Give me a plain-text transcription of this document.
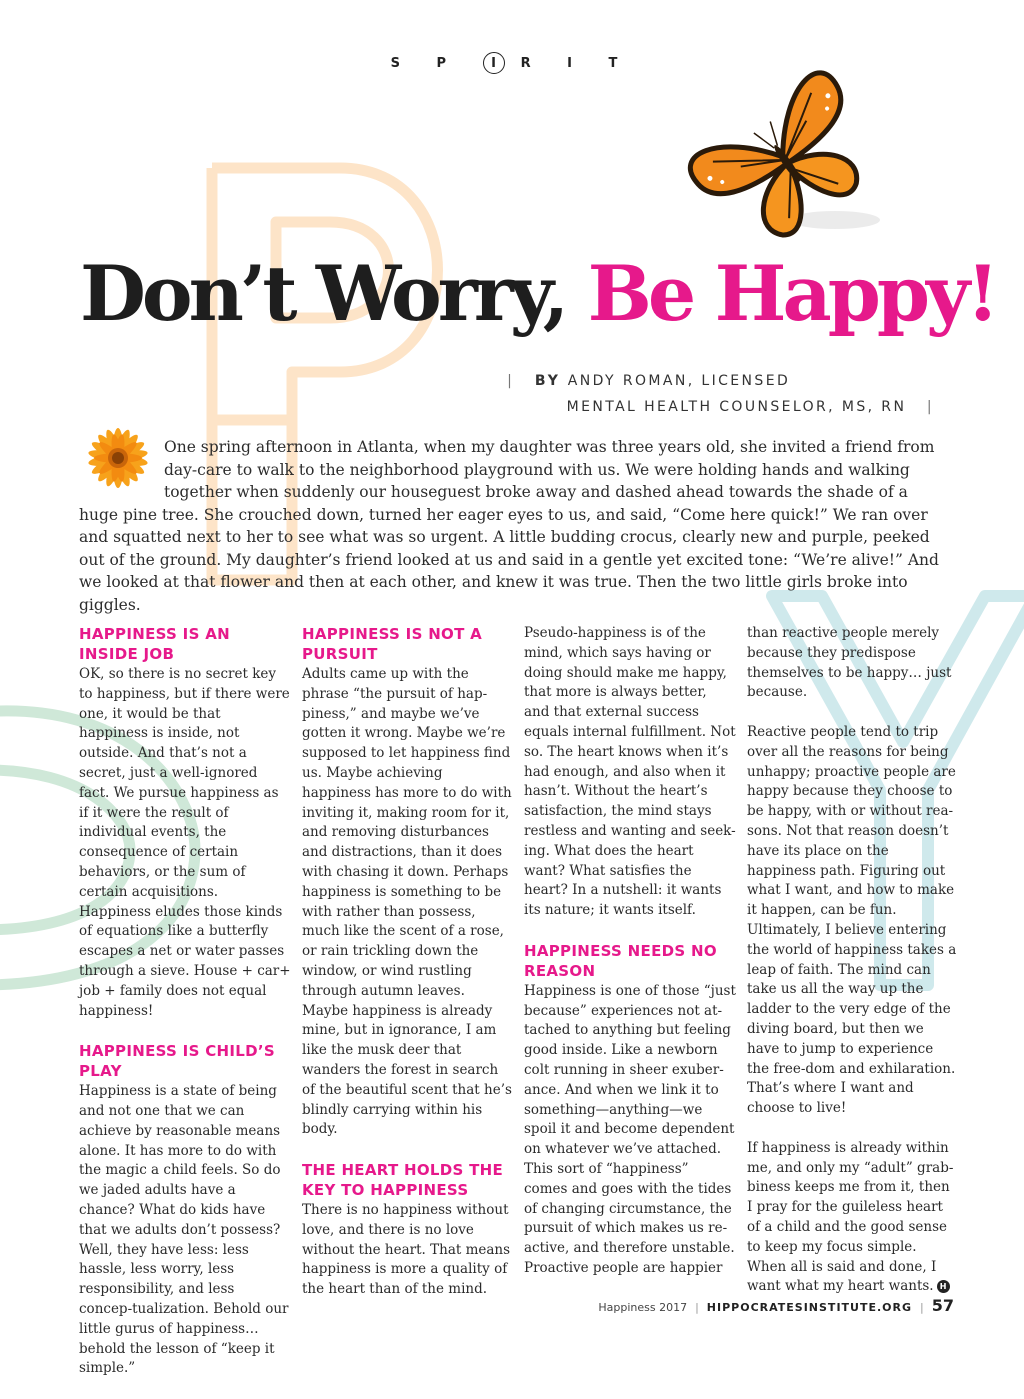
S P I R I T
Don’t Worry, Be Happy!
| BY ANDY ROMAN, LICENSED
MENTAL HEALTH COUNSELOR, MS, RN |

One spring afternoon in Atlanta, when my daughter was three years old, she invited a friend from day-care to walk to the neighborhood playground with us. We were holding hands and walking together when suddenly our houseguest broke away and dashed ahead towards the shade of a huge pine tree. She crouched down, turned her eager eyes to us, and said, “Come here quick!” We ran over and squatted next to her to see what was so urgent. A little budding crocus, clearly new and purple, peeked out of the ground. My daughter’s friend looked at us and said in a gentle yet excited tone: “We’re alive!” And we looked at that flower and then at each other, and knew it was true. Then the two little girls broke into giggles.

HAPPINESS IS AN INSIDE JOB

OK, so there is no secret key to happiness, but if there were one, it would be that happiness is inside, not outside. And that’s not a secret, just a well-ignored fact. We pursue happiness as if it were the result of individual events, the consequence of certain behaviors, or the sum of certain acquisitions. Happiness eludes those kinds of equations like a butterfly escapes a net or water passes through a sieve. House + car+ job + family does not equal happiness!

HAPPINESS IS CHILD’S PLAY

Happiness is a state of being and not one that we can achieve by reasonable means alone. It has more to do with the magic a child feels. So do we jaded adults have a chance? What do kids have that we adults don’t possess? Well, they have less: less hassle, less worry, less responsibility, and less concep-tualization. Behold our little gurus of happiness…behold the lesson of “keep it simple.”

HAPPINESS IS NOT A PURSUIT

Adults came up with the phrase “the pursuit of hap-piness,” and maybe we’ve gotten it wrong. Maybe we’re supposed to let happiness find us. Maybe achieving happiness has more to do with inviting it, making room for it, and removing disturbances and distractions, than it does with chasing it down. Perhaps happiness is something to be with rather than possess, much like the scent of a rose, or rain trickling down the window, or wind rustling through autumn leaves. Maybe happiness is already mine, but in ignorance, I am like the musk deer that wanders the forest in search of the beautiful scent that he’s blindly carrying within his body.

THE HEART HOLDS THE KEY TO HAPPINESS

There is no happiness without love, and there is no love without the heart. That means happiness is more a quality of the heart than of the mind.

Pseudo-happiness is of the mind, which says having or doing should make me happy, that more is always better, and that external success equals internal fulfillment. Not so. The heart knows when it’s had enough, and also when it hasn’t. Without the heart’s satisfaction, the mind stays restless and wanting and seek-ing. What does the heart want? What satisfies the heart? In a nutshell: it wants its nature; it wants itself.

HAPPINESS NEEDS NO REASON

Happiness is one of those “just because” experiences not at-tached to anything but feeling good inside. Like a newborn colt running in sheer exuber-ance. And when we link it to something—anything—we spoil it and become dependent on whatever we’ve attached. This sort of “happiness” comes and goes with the tides of changing circumstance, the pursuit of which makes us re-active, and therefore unstable. Proactive people are happier

than reactive people merely because they predispose themselves to be happy… just because.

Reactive people tend to trip over all the reasons for being unhappy; proactive people are happy because they choose to be happy, with or without rea-sons. Not that reason doesn’t have its place on the happiness path. Figuring out what I want, and how to make it happen, can be fun. Ultimately, I believe entering the world of happiness takes a leap of faith. The mind can take us all the way up the ladder to the very edge of the diving board, but then we have to jump to experience the free-dom and exhilaration. That’s where I want and choose to live!

If happiness is already within me, and only my “adult” grab-biness keeps me from it, then I pray for the guileless heart of a child and the good sense to keep my focus simple. When all is said and done, I want what my heart wants. H

Happiness 2017 | HIPPOCRATESINSTITUTE.ORG | 57
